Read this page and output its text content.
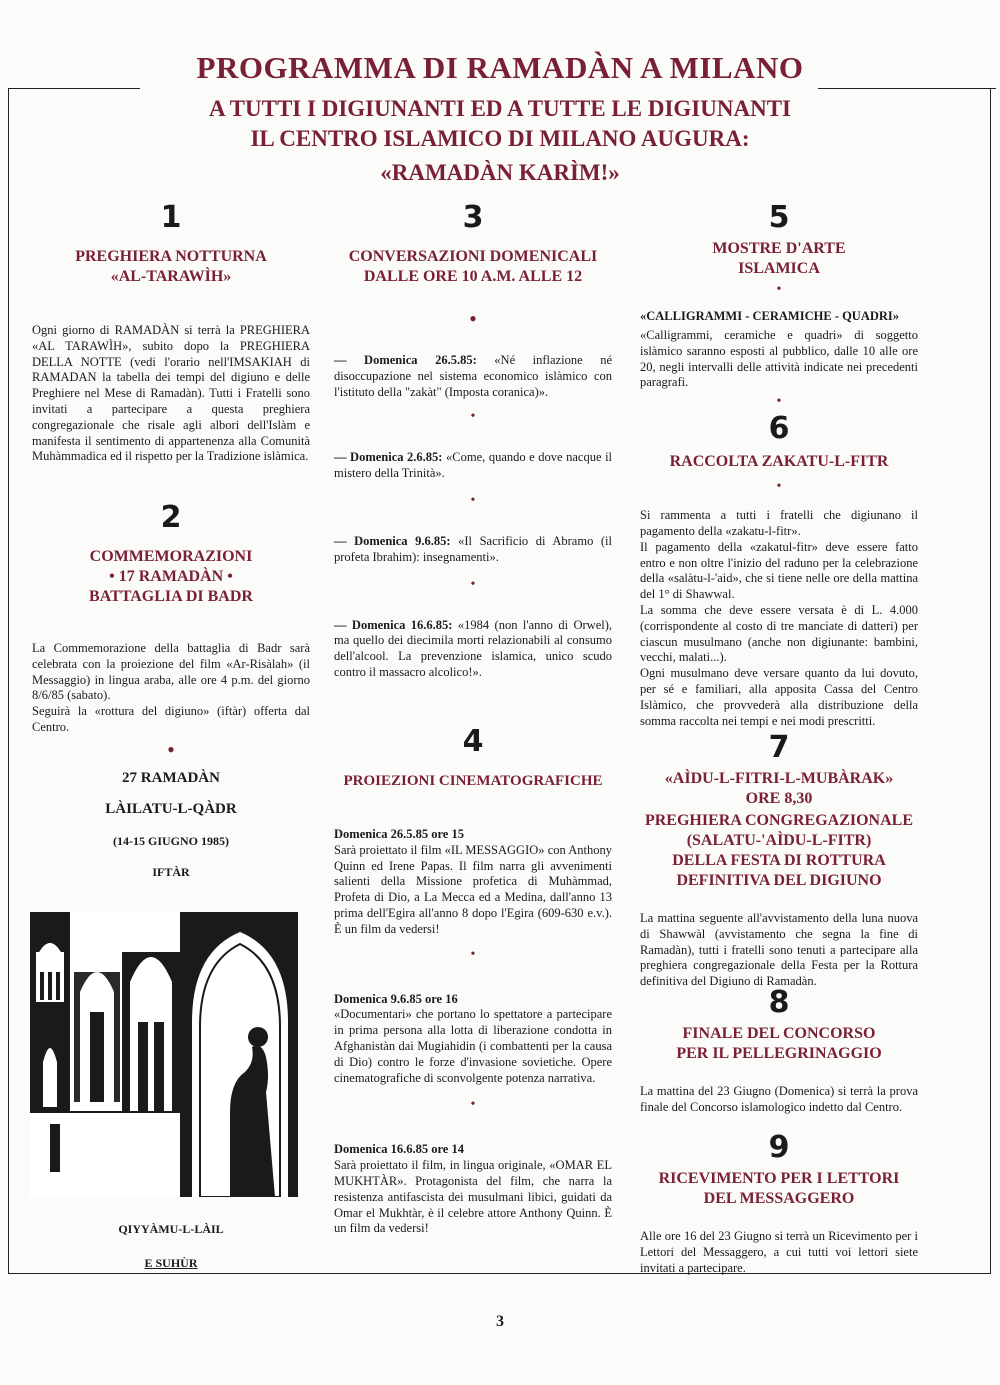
PROGRAMMA DI RAMADÀN A MILANO
A TUTTI I DIGIUNANTI ED A TUTTE LE DIGIUNANTI
IL CENTRO ISLAMICO DI MILANO AUGURA:
«RAMADÀN KARÌM!»
1
PREGHIERA NOTTURNA
«AL-TARAWÌH»
Ogni giorno di RAMADÀN si terrà la PREGHIERA «AL TARAWÌH», subito dopo la PREGHIERA DELLA NOTTE (vedi l'orario nell'IMSAKIAH di RAMADAN la tabella dei tempi del digiuno e delle Preghiere nel Mese di Ramadàn). Tutti i Fratelli sono invitati a partecipare a questa preghiera congregazionale che risale agli albori dell'Islàm e manifesta il sentimento di appartenenza alla Comunità Muhàmmadica ed il rispetto per la Tradizione islàmica.
2
COMMEMORAZIONI
• 17 RAMADÀN •
BATTAGLIA DI BADR
La Commemorazione della battaglia di Badr sarà celebrata con la proiezione del film «Ar-Risàlah» (il Messaggio) in lingua araba, alle ore 4 p.m. del giorno 8/6/85 (sabato).
Seguirà la «rottura del digiuno» (iftàr) offerta dal Centro.
•
27 RAMADÀN
LÀILATU-L-QÀDR
(14-15 GIUGNO 1985)
IFTÀR
QIYYÀMU-L-LÀIL
E SUHÙR
3
CONVERSAZIONI DOMENICALI
DALLE ORE 10 A.M. ALLE 12
•
— Domenica 26.5.85: «Né inflazione né disoccupazione nel sistema economico islàmico con l'istituto della "zakàt" (Imposta coranica)».
•
— Domenica 2.6.85: «Come, quando e dove nacque il mistero della Trinità».
•
— Domenica 9.6.85: «Il Sacrificio di Abramo (il profeta Ibrahim): insegnamenti».
•
— Domenica 16.6.85: «1984 (non l'anno di Orwel), ma quello dei diecimila morti relazionabili al consumo dell'alcool. La prevenzione islamica, unico scudo contro il massacro alcolico!».
4
PROIEZIONI CINEMATOGRAFICHE
Domenica 26.5.85 ore 15
Sarà proiettato il film «IL MESSAGGIO» con Anthony Quinn ed Irene Papas. Il film narra gli avvenimenti salienti della Missione profetica di Muhàmmad, Profeta di Dio, a La Mecca ed a Medina, dall'anno 13 prima dell'Egira all'anno 8 dopo l'Egira (609-630 e.v.). È un film da vedersi!
•
Domenica 9.6.85 ore 16
«Documentari» che portano lo spettatore a partecipare in prima persona alla lotta di liberazione condotta in Afghanistàn dai Mugiahidin (i combattenti per la causa di Dio) contro le forze d'invasione sovietiche. Opere cinematografiche di sconvolgente potenza narrativa.
•
Domenica 16.6.85 ore 14
Sarà proiettato il film, in lingua originale, «OMAR EL MUKHTÀR». Protagonista del film, che narra la resistenza antifascista dei musulmani libici, guidati da Omar el Mukhtàr, è il celebre attore Anthony Quinn. È un film da vedersi!
5
MOSTRE D'ARTE
ISLAMICA
•
«CALLIGRAMMI - CERAMICHE - QUADRI»
«Calligrammi, ceramiche e quadri» di soggetto islàmico saranno esposti al pubblico, dalle 10 alle ore 20, negli intervalli delle attività indicate nei precedenti paragrafi.
•
6
RACCOLTA ZAKATU-L-FITR
•
Si rammenta a tutti i fratelli che digiunano il pagamento della «zakatu-l-fitr».
Il pagamento della «zakatul-fitr» deve essere fatto entro e non oltre l'inizio del raduno per la celebrazione della «salàtu-l-'aid», che si tiene nelle ore della mattina del 1° di Shawwal.
La somma che deve essere versata è di L. 4.000 (corrispondente al costo di tre manciate di datteri) per ciascun musulmano (anche non digiunante: bambini, vecchi, malati...).
Ogni musulmano deve versare quanto da lui dovuto, per sé e familiari, alla apposita Cassa del Centro Islàmico, che provvederà alla distribuzione della somma raccolta nei tempi e nei modi prescritti.
7
«AÌDU-L-FITRI-L-MUBÀRAK»
ORE 8,30
PREGHIERA CONGREGAZIONALE
(SALATU-'AÌDU-L-FITR)
DELLA FESTA DI ROTTURA
DEFINITIVA DEL DIGIUNO
La mattina seguente all'avvistamento della luna nuova di Shawwàl (avvistamento che segna la fine di Ramadàn), tutti i fratelli sono tenuti a partecipare alla preghiera congregazionale della Festa per la Rottura definitiva del Digiuno di Ramadàn.
8
FINALE DEL CONCORSO
PER IL PELLEGRINAGGIO
La mattina del 23 Giugno (Domenica) si terrà la prova finale del Concorso islamologico indetto dal Centro.
9
RICEVIMENTO PER I LETTORI
DEL MESSAGGERO
Alle ore 16 del 23 Giugno si terrà un Ricevimento per i Lettori del Messaggero, a cui tutti voi lettori siete invitati a partecipare.
3
